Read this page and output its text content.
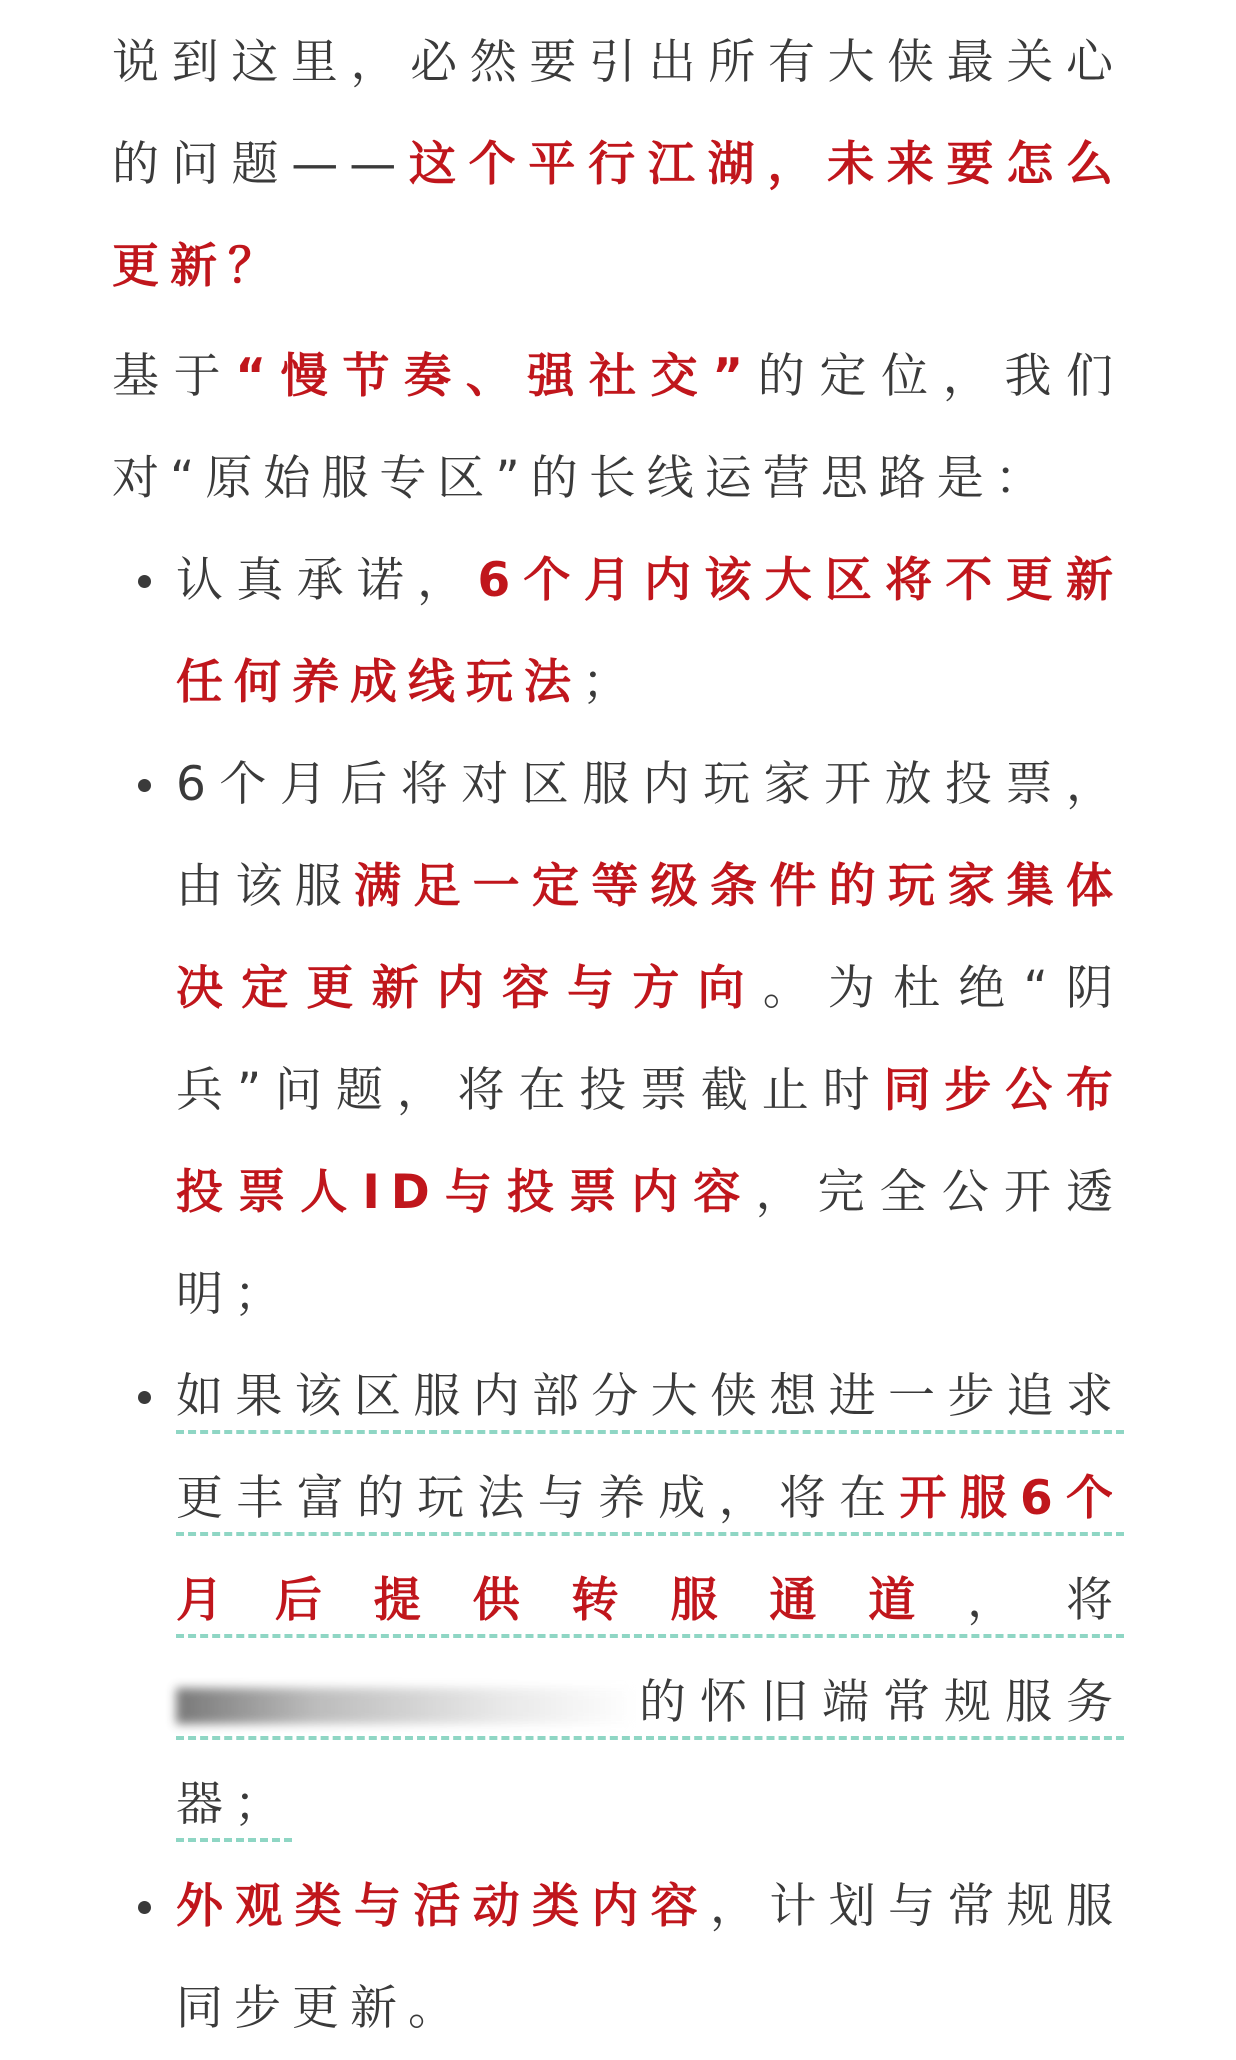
说到这里，必然要引出所有大侠最关心的问题——这个平行江湖，未来要怎么更新？

基于“慢节奏、强社交”的定位，我们对“原始服专区”的长线运营思路是：

认真承诺，6个月内该大区将不更新任何养成线玩法；
6个月后将对区服内玩家开放投票，由该服满足一定等级条件的玩家集体决定更新内容与方向。为杜绝“阴兵”问题，将在投票截止时同步公布投票人ID与投票内容，完全公开透明；
如果该区服内部分大侠想进一步追求更丰富的玩法与养成，将在开服6个月后提供转服通道，将的怀旧端常规服务器；
外观类与活动类内容，计划与常规服同步更新。
